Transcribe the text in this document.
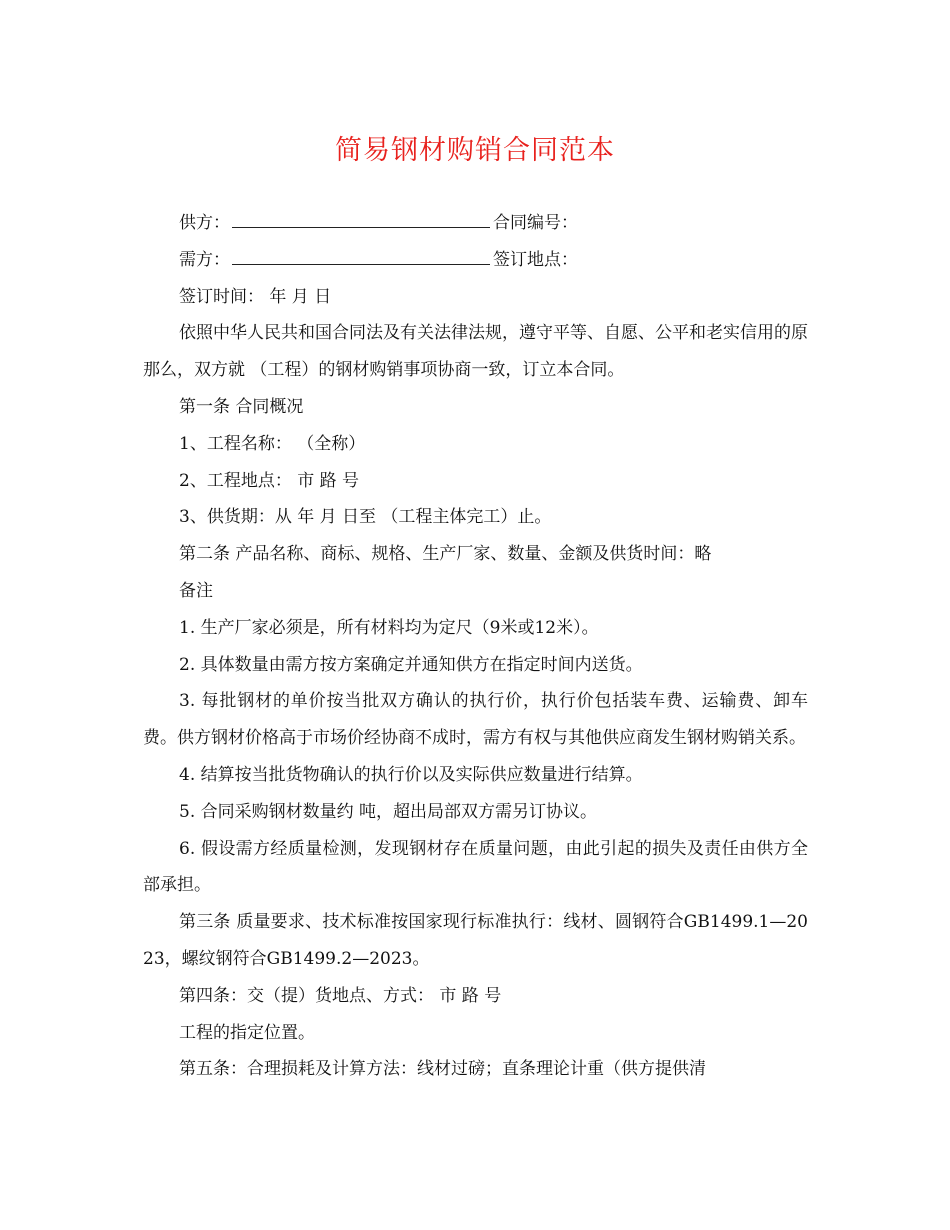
简易钢材购销合同范本

供方：	合同编号：

需方：	签订地点：

签订时间： 年 月 日

依照中华人民共和国合同法及有关法律法规，遵守平等、自愿、公平和老实信用的原那么，双方就 （工程）的钢材购销事项协商一致，订立本合同。

第一条 合同概况

1、工程名称： （全称）

2、工程地点： 市 路 号

3、供货期：从 年 月 日至 （工程主体完工）止。

第二条 产品名称、商标、规格、生产厂家、数量、金额及供货时间：略

备注

1. 生产厂家必须是，所有材料均为定尺（9米或12米）。

2. 具体数量由需方按方案确定并通知供方在指定时间内送货。

3. 每批钢材的单价按当批双方确认的执行价，执行价包括装车费、运输费、卸车费。供方钢材价格高于市场价经协商不成时，需方有权与其他供应商发生钢材购销关系。

4. 结算按当批货物确认的执行价以及实际供应数量进行结算。

5. 合同采购钢材数量约 吨，超出局部双方需另订协议。

6. 假设需方经质量检测，发现钢材存在质量问题，由此引起的损失及责任由供方全部承担。

第三条 质量要求、技术标准按国家现行标准执行：线材、圆钢符合GB1499.1—2023，螺纹钢符合GB1499.2—2023。

第四条：交（提）货地点、方式： 市 路 号

工程的指定位置。

第五条：合理损耗及计算方法：线材过磅；直条理论计重（供方提供清
